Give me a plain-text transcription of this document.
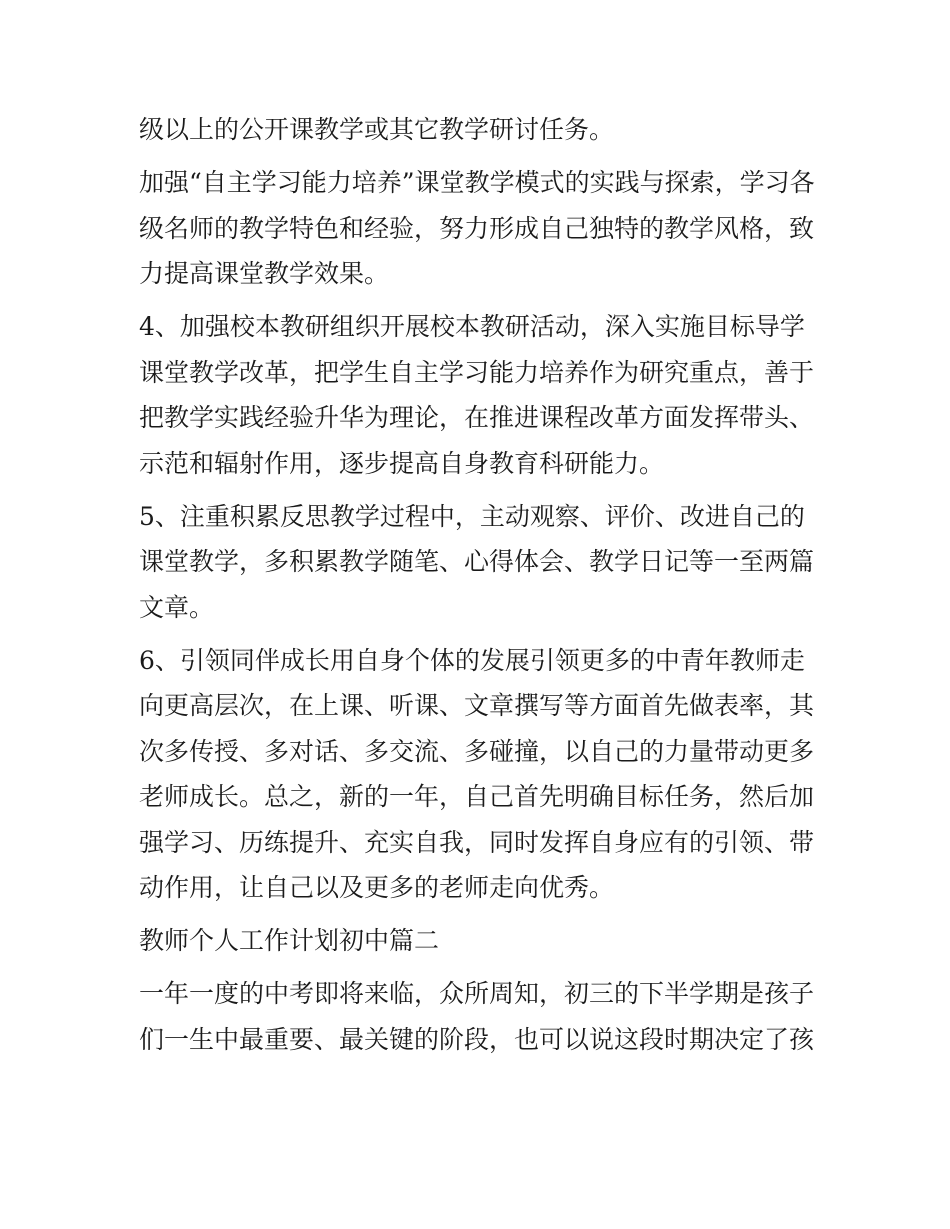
级以上的公开课教学或其它教学研讨任务。

加强“自主学习能力培养”课堂教学模式的实践与探索，学习各
级名师的教学特色和经验，努力形成自己独特的教学风格，致
力提高课堂教学效果。

4、加强校本教研组织开展校本教研活动，深入实施目标导学
课堂教学改革，把学生自主学习能力培养作为研究重点，善于
把教学实践经验升华为理论，在推进课程改革方面发挥带头、
示范和辐射作用，逐步提高自身教育科研能力。

5、注重积累反思教学过程中，主动观察、评价、改进自己的
课堂教学，多积累教学随笔、心得体会、教学日记等一至两篇
文章。

6、引领同伴成长用自身个体的发展引领更多的中青年教师走
向更高层次，在上课、听课、文章撰写等方面首先做表率，其
次多传授、多对话、多交流、多碰撞，以自己的力量带动更多
老师成长。总之，新的一年，自己首先明确目标任务，然后加
强学习、历练提升、充实自我，同时发挥自身应有的引领、带
动作用，让自己以及更多的老师走向优秀。

教师个人工作计划初中篇二

一年一度的中考即将来临，众所周知，初三的下半学期是孩子
们一生中最重要、最关键的阶段，也可以说这段时期决定了孩
